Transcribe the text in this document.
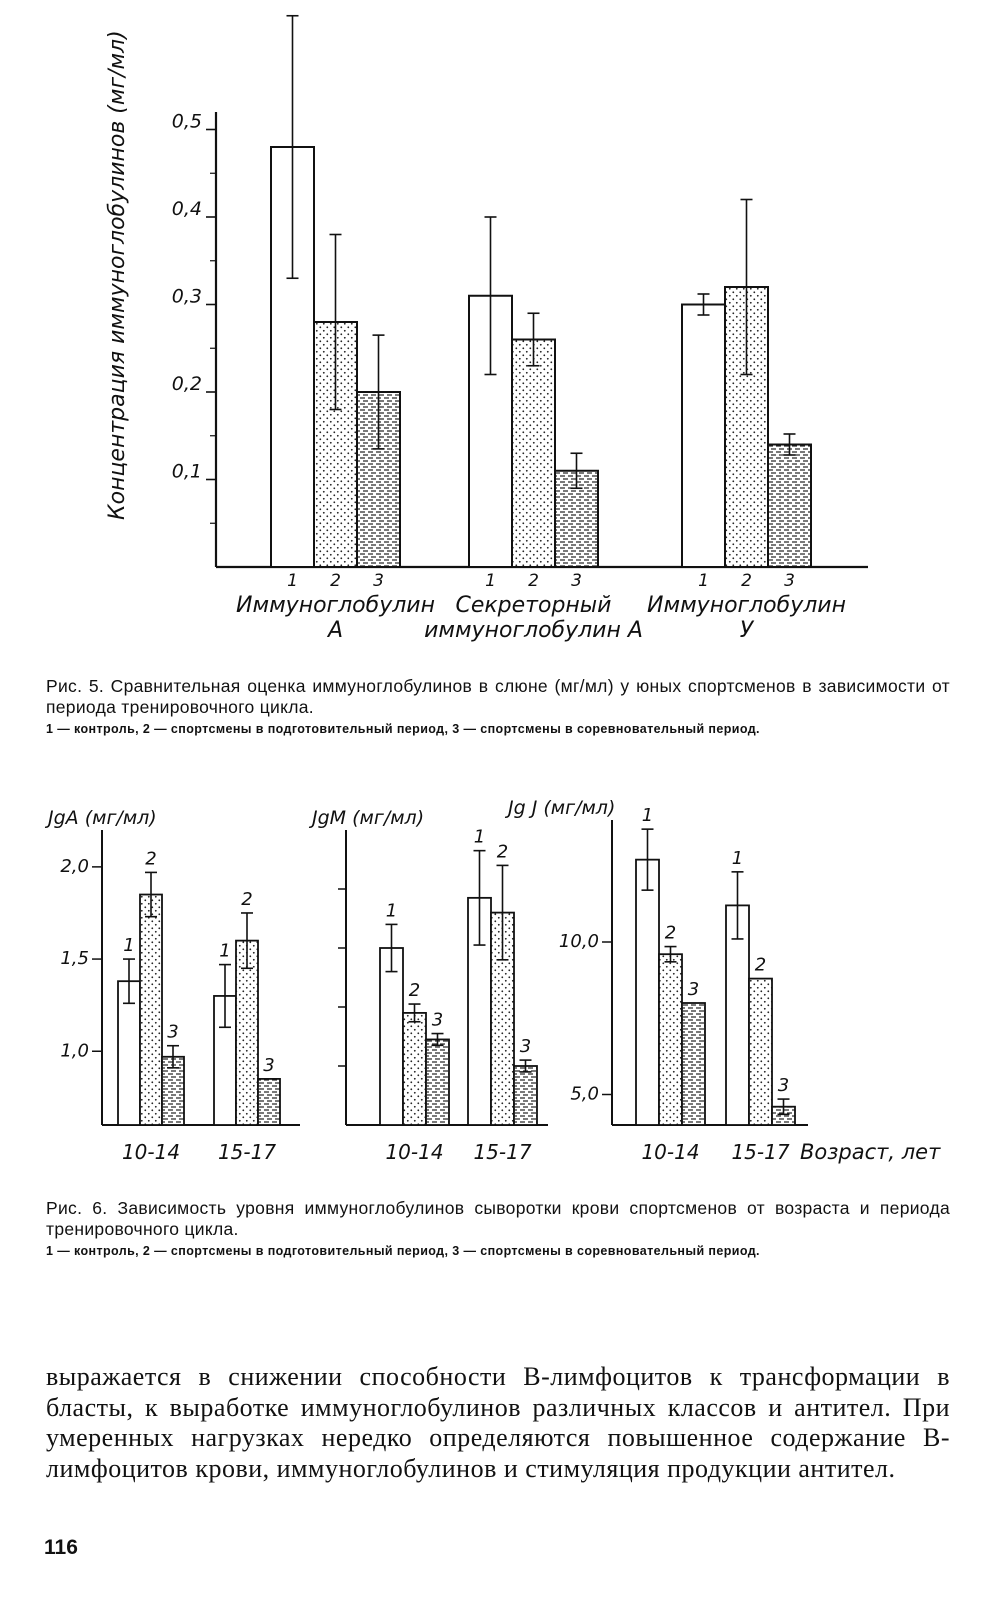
0,1
0,2
0,3
0,4
0,5
1 2 3
Иммуноглобулин
А
1 2 3
Секреторный
иммуноглобулин А
1 2 3
Иммуноглобулин
У
Концентрация иммуноглобулинов (мг/мл)
Рис. 5. Сравнительная оценка иммуноглобулинов в слюне (мг/мл) у юных спортсменов в зависимости от периода тренировочного цикла.
1 — контроль, 2 — спортсмены в подготовительный период, 3 — спортсмены в соревновательный период.
JgA (мг/мл)
1,0
1,5
2,0
1
2
3
10-14
1
2
3
15-17
JgM (мг/мл)
1
2
3
10-14
1
2
3
15-17
Jg J (мг/мл)
5,0
10,0
1
2
3
10-14
1
2
3
15-17 Возраст, лет
Рис. 6. Зависимость уровня иммуноглобулинов сыворотки крови спортсменов от возраста и периода тренировочного цикла.
1 — контроль, 2 — спортсмены в подготовительный период, 3 — спортсмены в соревновательный период.
выражается в снижении способности В-лимфоцитов к трансформации в бласты, к выработке иммуноглобулинов различных классов и антител. При умеренных нагрузках нередко определяются повышенное содержание В-лимфоцитов крови, иммуноглобулинов и стимуляция продукции антител.
116
